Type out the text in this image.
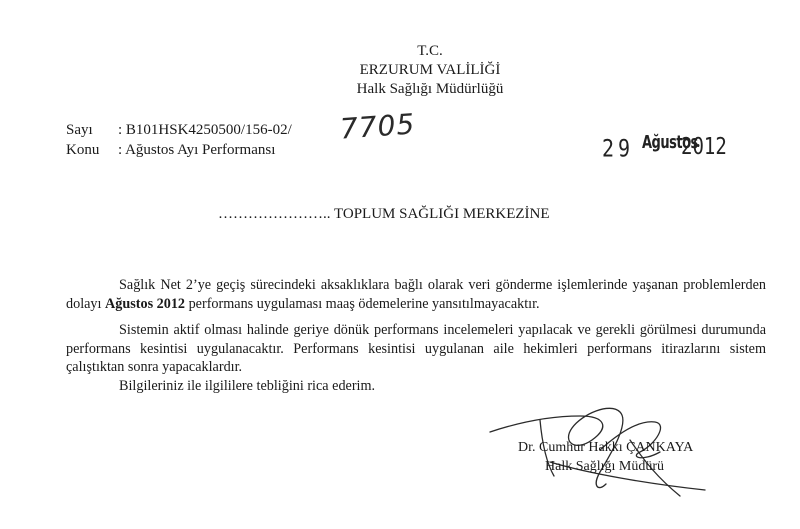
T.C.
ERZURUM VALİLİĞİ
Halk Sağlığı Müdürlüğü
Sayı : B101HSK4250500/156-02/ 7705
Konu : Ağustos Ayı Performansı	29 Ağustos
2012
………………….. TOPLUM SAĞLIĞI MERKEZİNE
Sağlık Net 2’ye geçiş sürecindeki aksaklıklara bağlı olarak veri gönderme işlemlerinde yaşanan problemlerden dolayı Ağustos 2012 performans uygulaması maaş ödemelerine yansıtılmayacaktır.
Sistemin aktif olması halinde geriye dönük performans incelemeleri yapılacak ve gerekli görülmesi durumunda performans kesintisi uygulanacaktır. Performans kesintisi uygulanan aile hekimleri performans itirazlarını sistem çalıştıktan sonra yapacaklardır.
Bilgileriniz ile ilgililere tebliğini rica ederim.
Dr. Cumhur Hakkı ÇANKAYA
Halk Sağlığı Müdürü
